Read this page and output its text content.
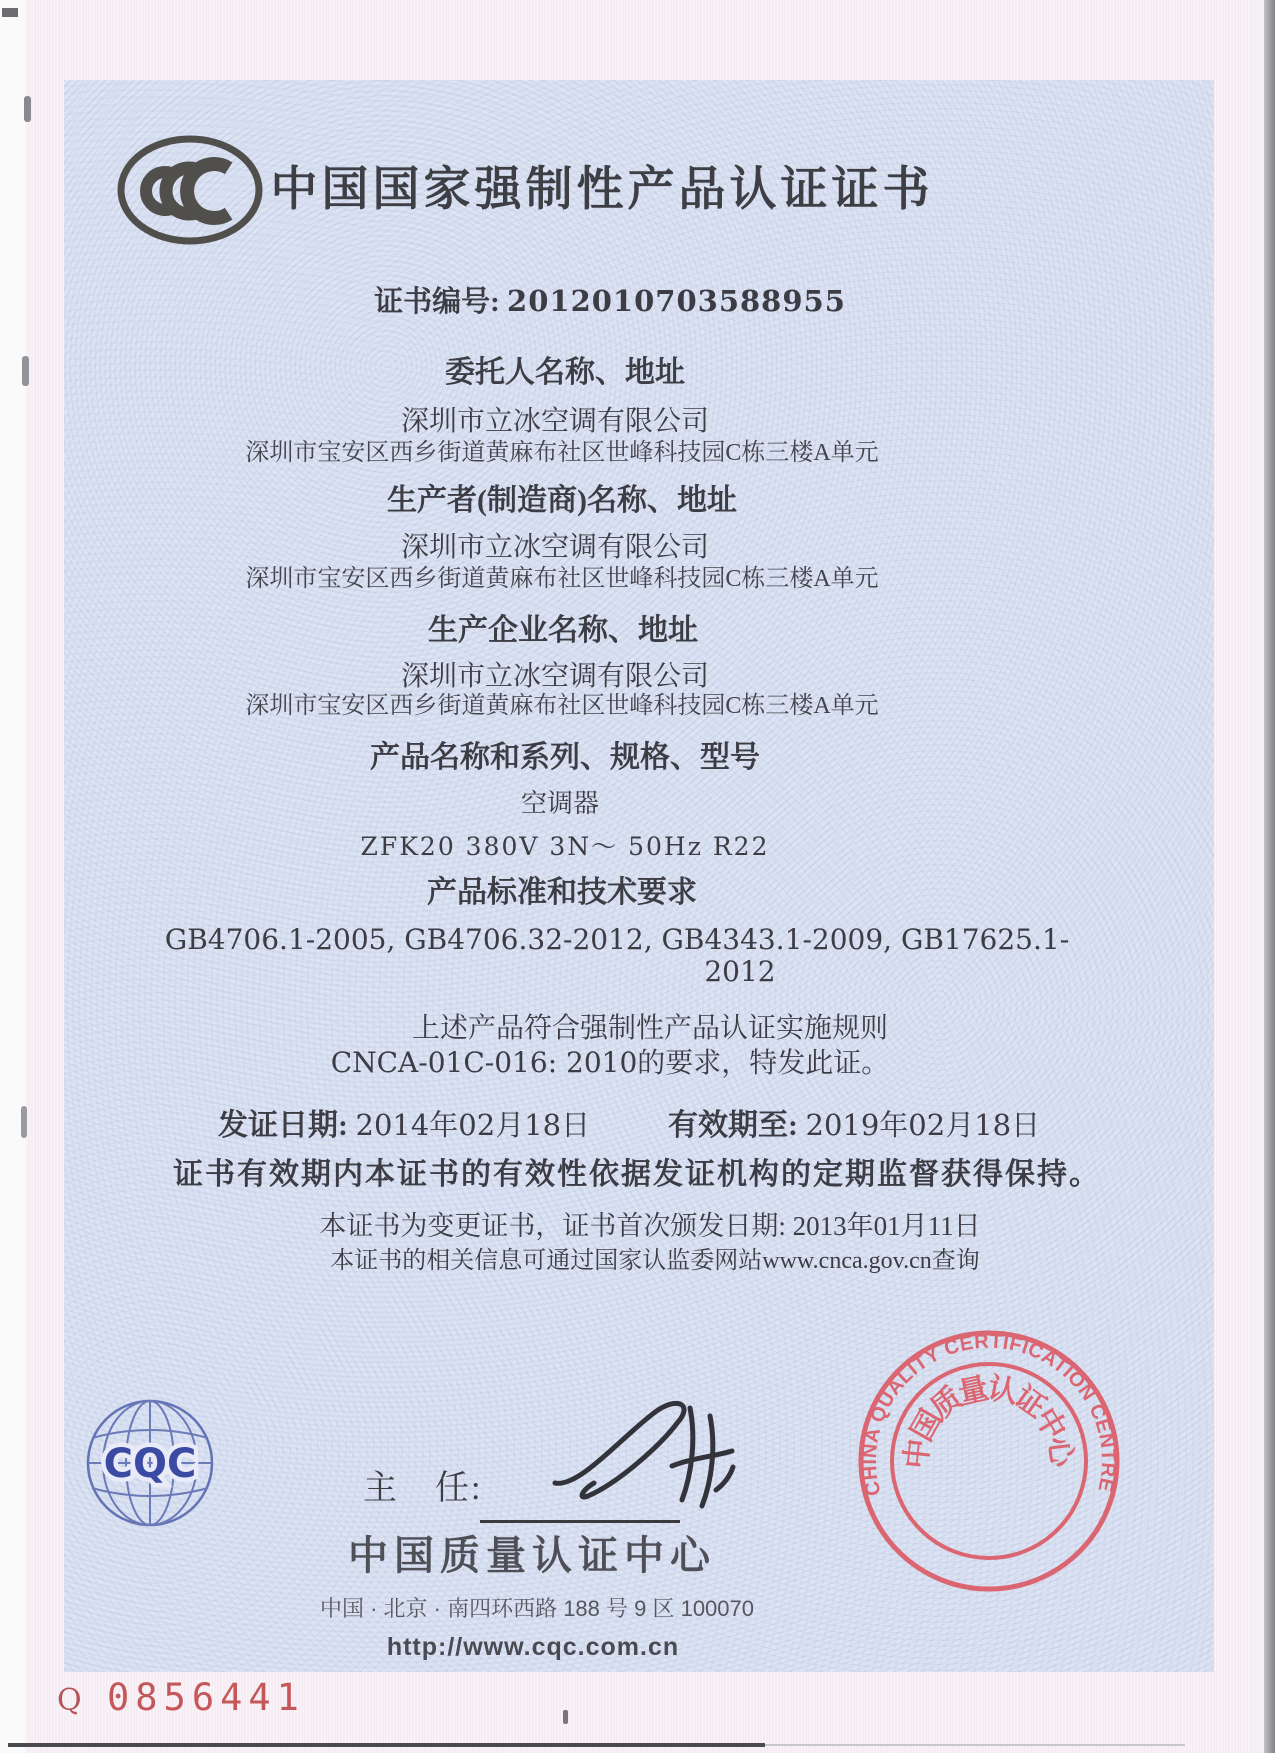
中国国家强制性产品认证证书
证书编号: 2012010703588955
委托人名称、地址
深圳市立冰空调有限公司
深圳市宝安区西乡街道黄麻布社区世峰科技园C栋三楼A单元
生产者(制造商)名称、地址
深圳市立冰空调有限公司
深圳市宝安区西乡街道黄麻布社区世峰科技园C栋三楼A单元
生产企业名称、地址
深圳市立冰空调有限公司
深圳市宝安区西乡街道黄麻布社区世峰科技园C栋三楼A单元
产品名称和系列、规格、型号
空调器
ZFK20 380V 3N～ 50Hz R22
产品标准和技术要求
GB4706.1-2005, GB4706.32-2012, GB4343.1-2009, GB17625.1-
2012
上述产品符合强制性产品认证实施规则
CNCA-01C-016: 2010的要求，特发此证。
发证日期: 2014年02月18日	有效期至: 2019年02月18日
证书有效期内本证书的有效性依据发证机构的定期监督获得保持。
本证书为变更证书，证书首次颁发日期: 2013年01月11日
本证书的相关信息可通过国家认监委网站www.cnca.gov.cn查询
CQC
主　任:
中国质量认证中心
中国 · 北京 · 南四环西路 188 号 9 区 100070
http://www.cqc.com.cn
CHINA QUALITY CERTIFICATION CENTRE
中国质量认证中心
Q 0856441
